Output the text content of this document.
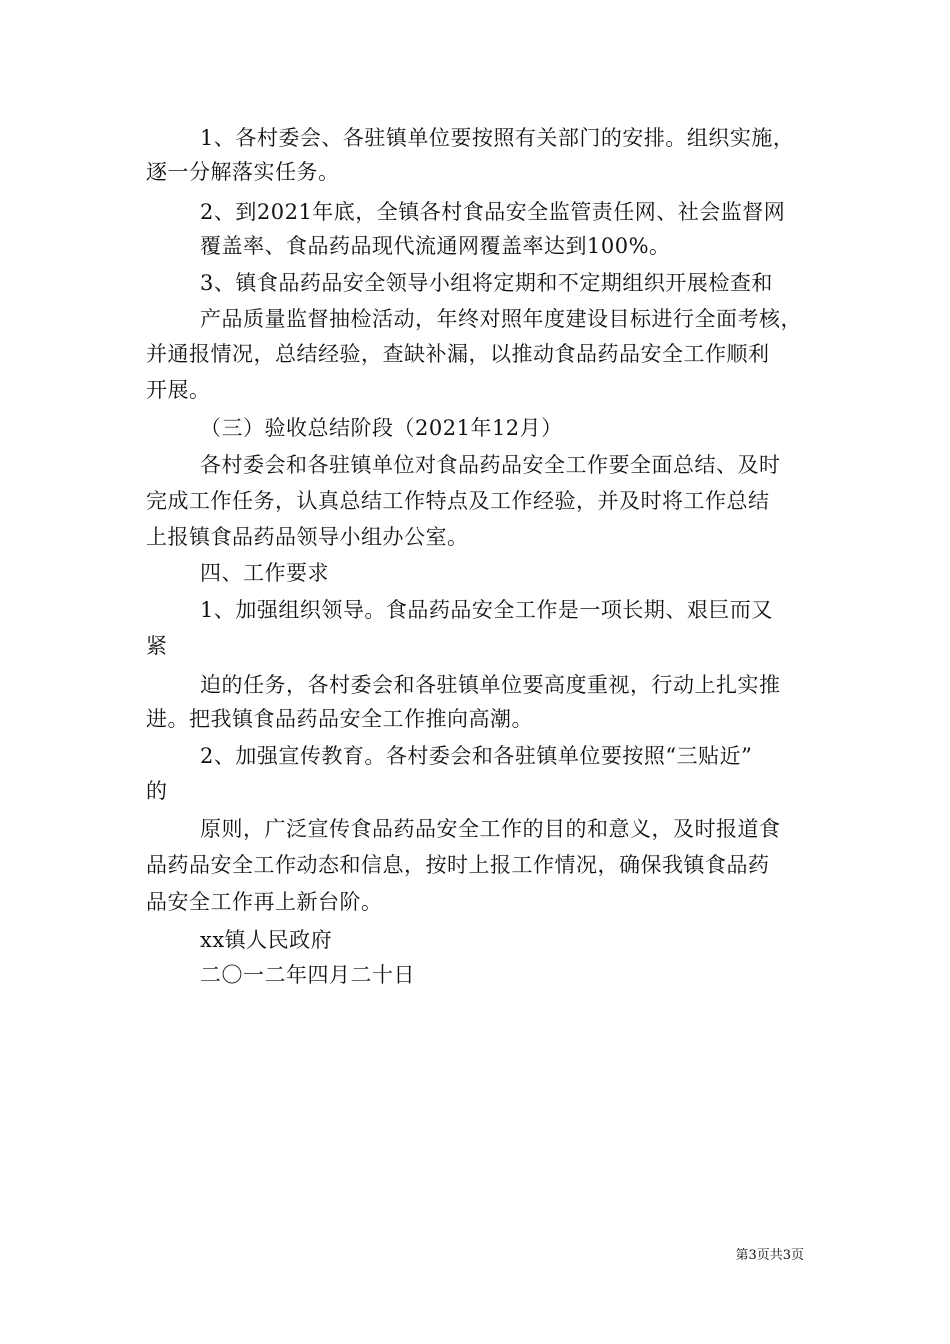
1、各村委会、各驻镇单位要按照有关部门的安排。组织实施，
逐一分解落实任务。
2、到2021年底，全镇各村食品安全监管责任网、社会监督网
覆盖率、食品药品现代流通网覆盖率达到100%。
3、镇食品药品安全领导小组将定期和不定期组织开展检查和
产品质量监督抽检活动，年终对照年度建设目标进行全面考核，
并通报情况，总结经验，查缺补漏，以推动食品药品安全工作顺利
开展。
（三）验收总结阶段（2021年12月）
各村委会和各驻镇单位对食品药品安全工作要全面总结、及时
完成工作任务，认真总结工作特点及工作经验，并及时将工作总结
上报镇食品药品领导小组办公室。
四、工作要求
1、加强组织领导。食品药品安全工作是一项长期、艰巨而又
紧
迫的任务，各村委会和各驻镇单位要高度重视，行动上扎实推
进。把我镇食品药品安全工作推向高潮。
2、加强宣传教育。各村委会和各驻镇单位要按照“三贴近”
的
原则，广泛宣传食品药品安全工作的目的和意义，及时报道食
品药品安全工作动态和信息，按时上报工作情况，确保我镇食品药
品安全工作再上新台阶。
xx镇人民政府
二〇一二年四月二十日
第3页共3页
